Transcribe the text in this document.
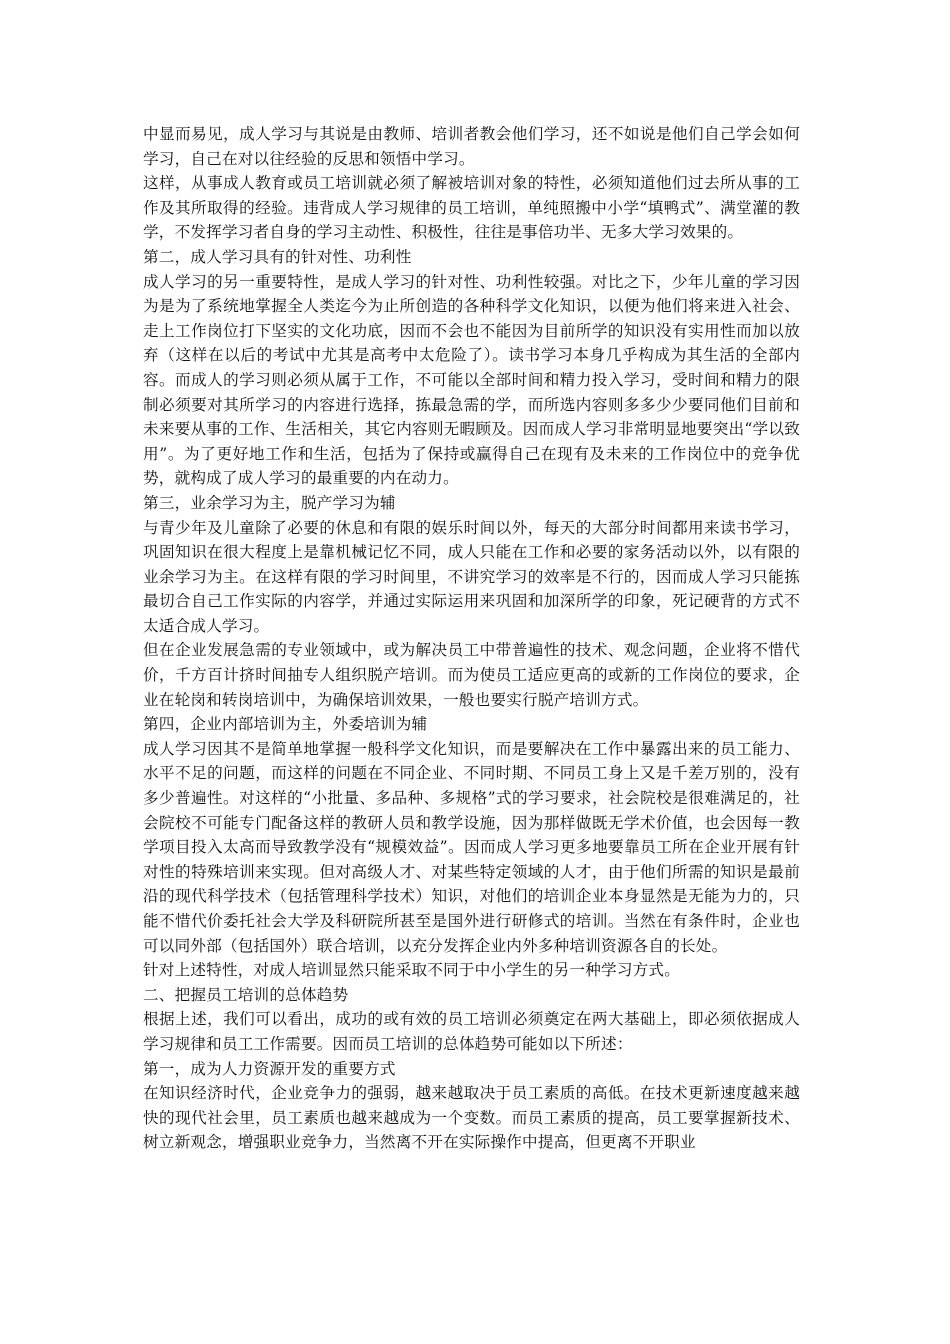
中显而易见，成人学习与其说是由教师、培训者教会他们学习，还不如说是他们自己学会如何学习，自己在对以往经验的反思和领悟中学习。

这样，从事成人教育或员工培训就必须了解被培训对象的特性，必须知道他们过去所从事的工作及其所取得的经验。违背成人学习规律的员工培训，单纯照搬中小学“填鸭式”、满堂灌的教学，不发挥学习者自身的学习主动性、积极性，往往是事倍功半、无多大学习效果的。

第二，成人学习具有的针对性、功利性

成人学习的另一重要特性，是成人学习的针对性、功利性较强。对比之下，少年儿童的学习因为是为了系统地掌握全人类迄今为止所创造的各种科学文化知识，以便为他们将来进入社会、走上工作岗位打下坚实的文化功底，因而不会也不能因为目前所学的知识没有实用性而加以放弃（这样在以后的考试中尤其是高考中太危险了）。读书学习本身几乎构成为其生活的全部内容。而成人的学习则必须从属于工作，不可能以全部时间和精力投入学习，受时间和精力的限制必须要对其所学习的内容进行选择，拣最急需的学，而所选内容则多多少少要同他们目前和未来要从事的工作、生活相关，其它内容则无暇顾及。因而成人学习非常明显地要突出“学以致用”。为了更好地工作和生活，包括为了保持或赢得自己在现有及未来的工作岗位中的竞争优势，就构成了成人学习的最重要的内在动力。

第三，业余学习为主，脱产学习为辅

与青少年及儿童除了必要的休息和有限的娱乐时间以外，每天的大部分时间都用来读书学习，巩固知识在很大程度上是靠机械记忆不同，成人只能在工作和必要的家务活动以外，以有限的业余学习为主。在这样有限的学习时间里，不讲究学习的效率是不行的，因而成人学习只能拣最切合自己工作实际的内容学，并通过实际运用来巩固和加深所学的印象，死记硬背的方式不太适合成人学习。

但在企业发展急需的专业领域中，或为解决员工中带普遍性的技术、观念问题，企业将不惜代价，千方百计挤时间抽专人组织脱产培训。而为使员工适应更高的或新的工作岗位的要求，企业在轮岗和转岗培训中，为确保培训效果，一般也要实行脱产培训方式。

第四，企业内部培训为主，外委培训为辅

成人学习因其不是简单地掌握一般科学文化知识，而是要解决在工作中暴露出来的员工能力、水平不足的问题，而这样的问题在不同企业、不同时期、不同员工身上又是千差万别的，没有多少普遍性。对这样的“小批量、多品种、多规格”式的学习要求，社会院校是很难满足的，社会院校不可能专门配备这样的教研人员和教学设施，因为那样做既无学术价值，也会因每一教学项目投入太高而导致教学没有“规模效益”。因而成人学习更多地要靠员工所在企业开展有针对性的特殊培训来实现。但对高级人才、对某些特定领域的人才，由于他们所需的知识是最前沿的现代科学技术（包括管理科学技术）知识，对他们的培训企业本身显然是无能为力的，只能不惜代价委托社会大学及科研院所甚至是国外进行研修式的培训。当然在有条件时，企业也可以同外部（包括国外）联合培训，以充分发挥企业内外多种培训资源各自的长处。

针对上述特性，对成人培训显然只能采取不同于中小学生的另一种学习方式。

二、把握员工培训的总体趋势

根据上述，我们可以看出，成功的或有效的员工培训必须奠定在两大基础上，即必须依据成人学习规律和员工工作需要。因而员工培训的总体趋势可能如以下所述：

第一，成为人力资源开发的重要方式

在知识经济时代，企业竞争力的强弱，越来越取决于员工素质的高低。在技术更新速度越来越快的现代社会里，员工素质也越来越成为一个变数。而员工素质的提高，员工要掌握新技术、树立新观念，增强职业竞争力，当然离不开在实际操作中提高，但更离不开职业
